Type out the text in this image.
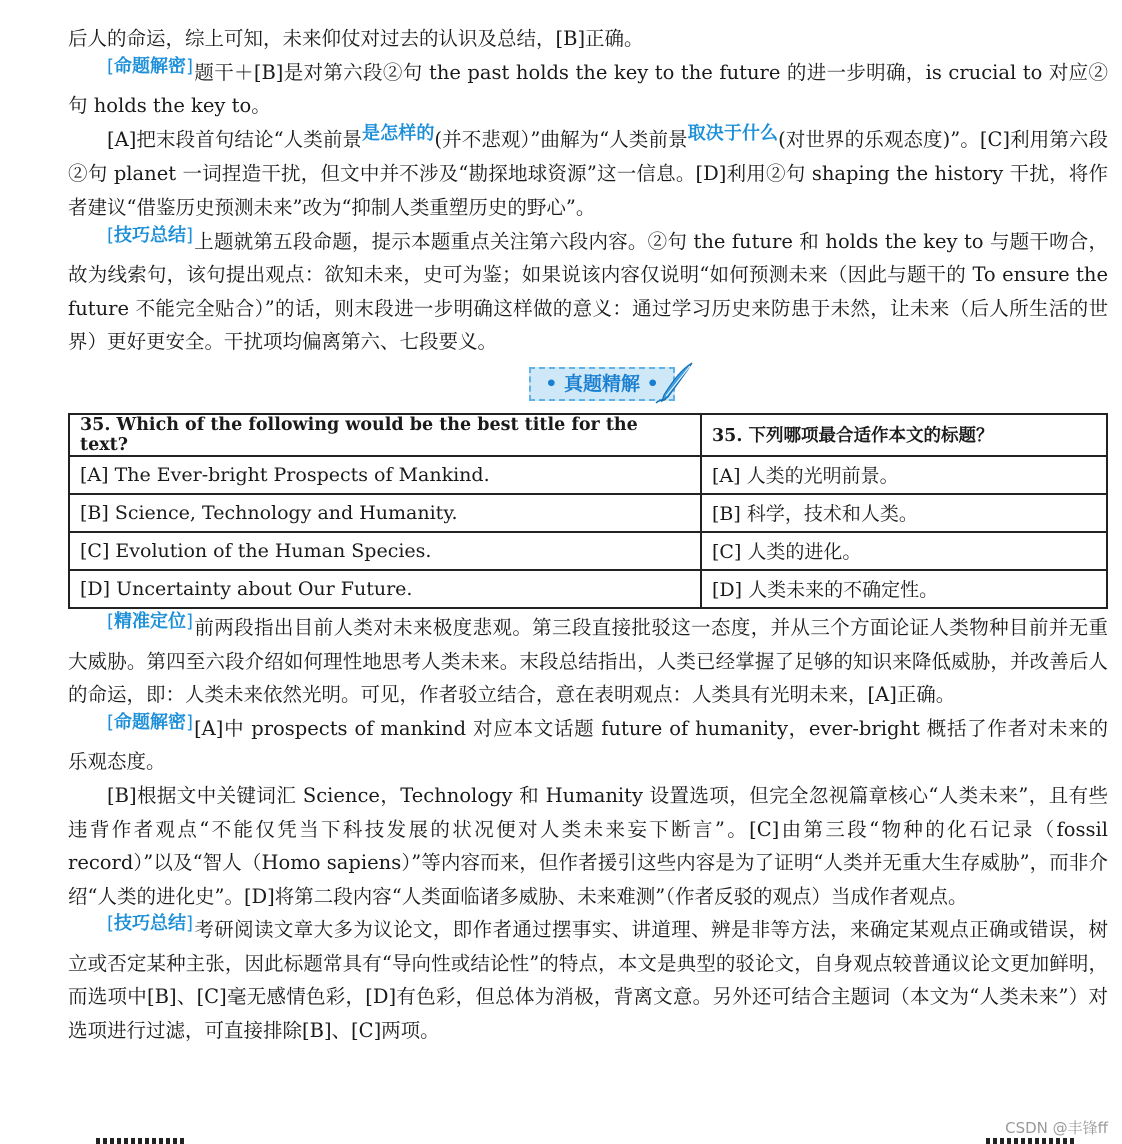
后人的命运，综上可知，未来仰仗对过去的认识及总结，[B]正确。

[ 命题解密 ] 题干＋[B]是对第六段②句 the past holds the key to the future 的进一步明确，is crucial to 对应②句 holds the key to。

[A]把末段首句结论“人类前景是怎样的(并不悲观）”曲解为“人类前景取决于什么(对世界的乐观态度)”。[C]利用第六段②句 planet 一词捏造干扰，但文中并不涉及“勘探地球资源”这一信息。[D]利用②句 shaping the history 干扰，将作者建议“借鉴历史预测未来”改为“抑制人类重塑历史的野心”。

[ 技巧总结 ] 上题就第五段命题，提示本题重点关注第六段内容。②句 the future 和 holds the key to 与题干吻合，故为线索句，该句提出观点：欲知未来，史可为鉴；如果说该内容仅说明“如何预测未来（因此与题干的 To ensure the future 不能完全贴合）”的话，则末段进一步明确这样做的意义：通过学习历史来防患于未然，让未来（后人所生活的世界）更好更安全。干扰项均偏离第六、七段要义。

• 真题精解 •
35. Which of the following would be the best title for the text?	35. 下列哪项最合适作本文的标题？
[A] The Ever-bright Prospects of Mankind.	[A] 人类的光明前景。
[B] Science, Technology and Humanity.	[B] 科学，技术和人类。
[C] Evolution of the Human Species.	[C] 人类的进化。
[D] Uncertainty about Our Future.	[D] 人类未来的不确定性。

[ 精准定位 ] 前两段指出目前人类对未来极度悲观。第三段直接批驳这一态度，并从三个方面论证人类物种目前并无重大威胁。第四至六段介绍如何理性地思考人类未来。末段总结指出，人类已经掌握了足够的知识来降低威胁，并改善后人的命运，即：人类未来依然光明。可见，作者驳立结合，意在表明观点：人类具有光明未来，[A]正确。

[ 命题解密 ] [A]中 prospects of mankind 对应本文话题 future of humanity，ever-bright 概括了作者对未来的乐观态度。

[B]根据文中关键词汇 Science，Technology 和 Humanity 设置选项，但完全忽视篇章核心“人类未来”，且有些违背作者观点“不能仅凭当下科技发展的状况便对人类未来妄下断言”。[C]由第三段“物种的化石记录（fossil record）”以及“智人（Homo sapiens）”等内容而来，但作者援引这些内容是为了证明“人类并无重大生存威胁”，而非介绍“人类的进化史”。[D]将第二段内容“人类面临诸多威胁、未来难测”（作者反驳的观点）当成作者观点。

[ 技巧总结 ] 考研阅读文章大多为议论文，即作者通过摆事实、讲道理、辨是非等方法，来确定某观点正确或错误，树立或否定某种主张，因此标题常具有“导向性或结论性”的特点，本文是典型的驳论文，自身观点较普通议论文更加鲜明，而选项中[B]、[C]毫无感情色彩，[D]有色彩，但总体为消极，背离文意。另外还可结合主题词（本文为“人类未来”）对选项进行过滤，可直接排除[B]、[C]两项。

CSDN @丰锋ff
